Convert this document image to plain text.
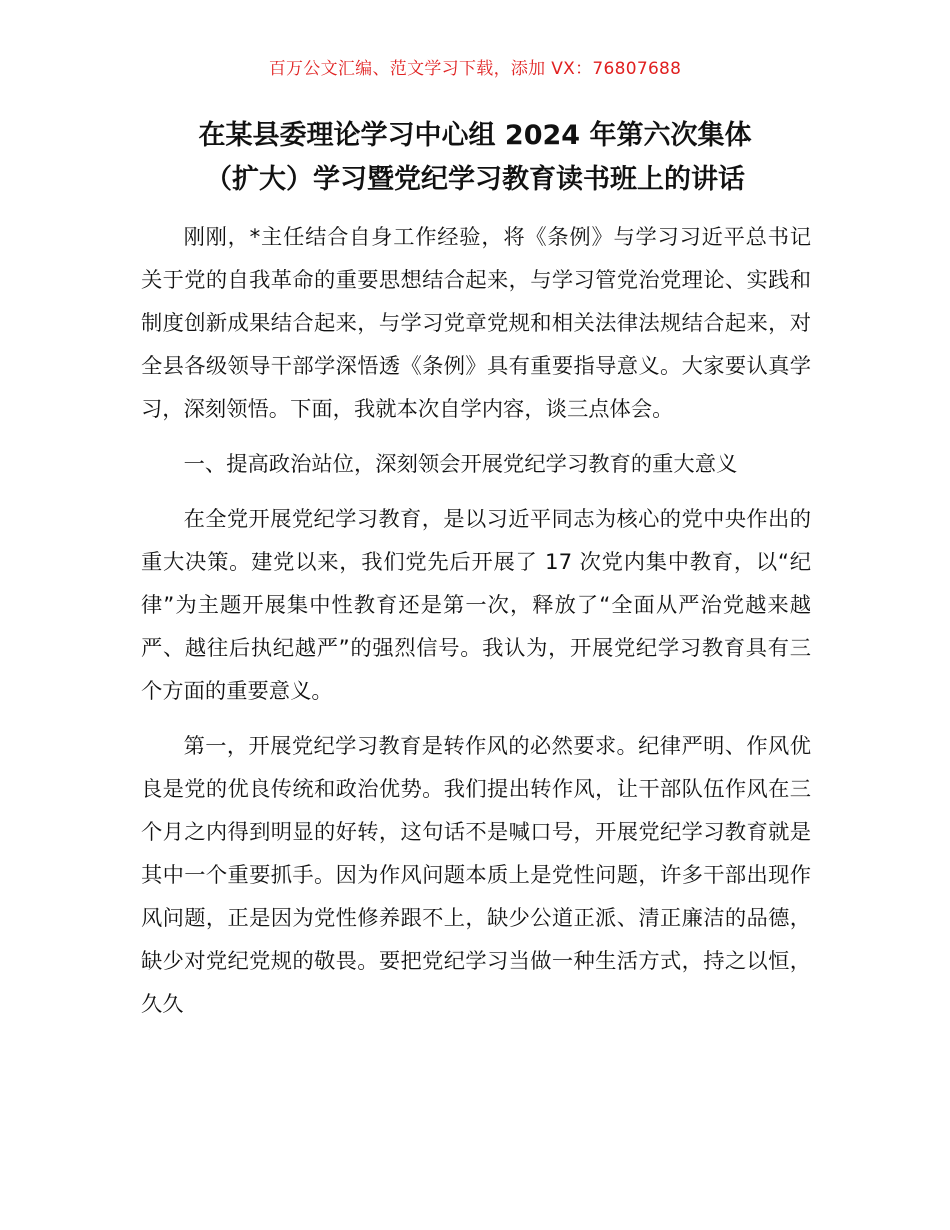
百万公文汇编、范文学习下载，添加 VX：76807688
在某县委理论学习中心组 2024 年第六次集体
（扩大）学习暨党纪学习教育读书班上的讲话

刚刚，*主任结合自身工作经验，将《条例》与学习习近平总书记关于党的自我革命的重要思想结合起来，与学习管党治党理论、实践和制度创新成果结合起来，与学习党章党规和相关法律法规结合起来，对全县各级领导干部学深悟透《条例》具有重要指导意义。大家要认真学习，深刻领悟。下面，我就本次自学内容，谈三点体会。

一、提高政治站位，深刻领会开展党纪学习教育的重大意义

在全党开展党纪学习教育，是以习近平同志为核心的党中央作出的重大决策。建党以来，我们党先后开展了 17 次党内集中教育，以“纪律”为主题开展集中性教育还是第一次，释放了“全面从严治党越来越严、越往后执纪越严”的强烈信号。我认为，开展党纪学习教育具有三个方面的重要意义。

第一，开展党纪学习教育是转作风的必然要求。纪律严明、作风优良是党的优良传统和政治优势。我们提出转作风，让干部队伍作风在三个月之内得到明显的好转，这句话不是喊口号，开展党纪学习教育就是其中一个重要抓手。因为作风问题本质上是党性问题，许多干部出现作风问题，正是因为党性修养跟不上，缺少公道正派、清正廉洁的品德，缺少对党纪党规的敬畏。要把党纪学习当做一种生活方式，持之以恒，久久
